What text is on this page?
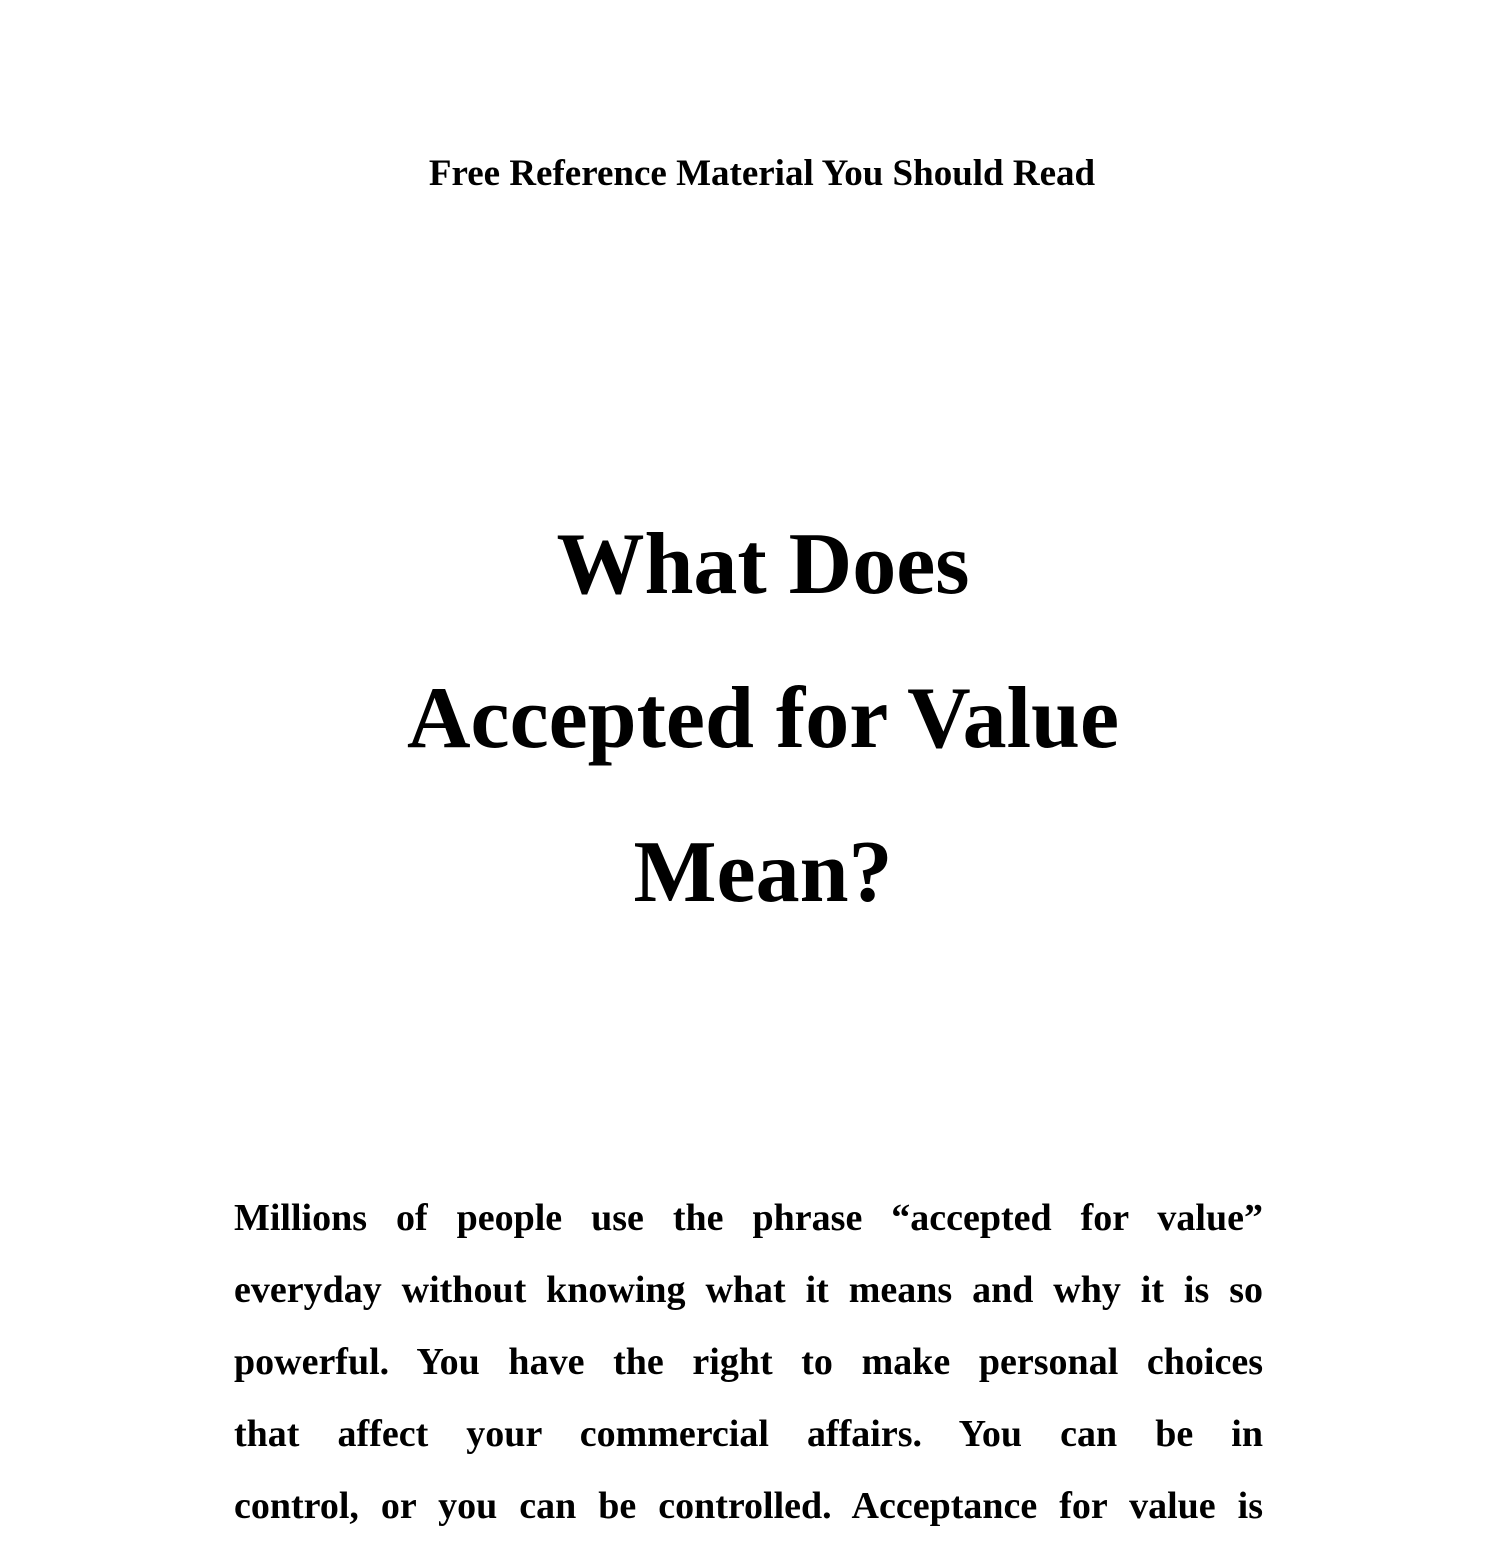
Free Reference Material You Should Read
What Does
Accepted for Value
Mean?
Millions of people use the phrase “accepted for value”
everyday without knowing what it means and why it is so
powerful. You have the right to make personal choices
that affect your commercial affairs. You can be in
control, or you can be controlled. Acceptance for value is
